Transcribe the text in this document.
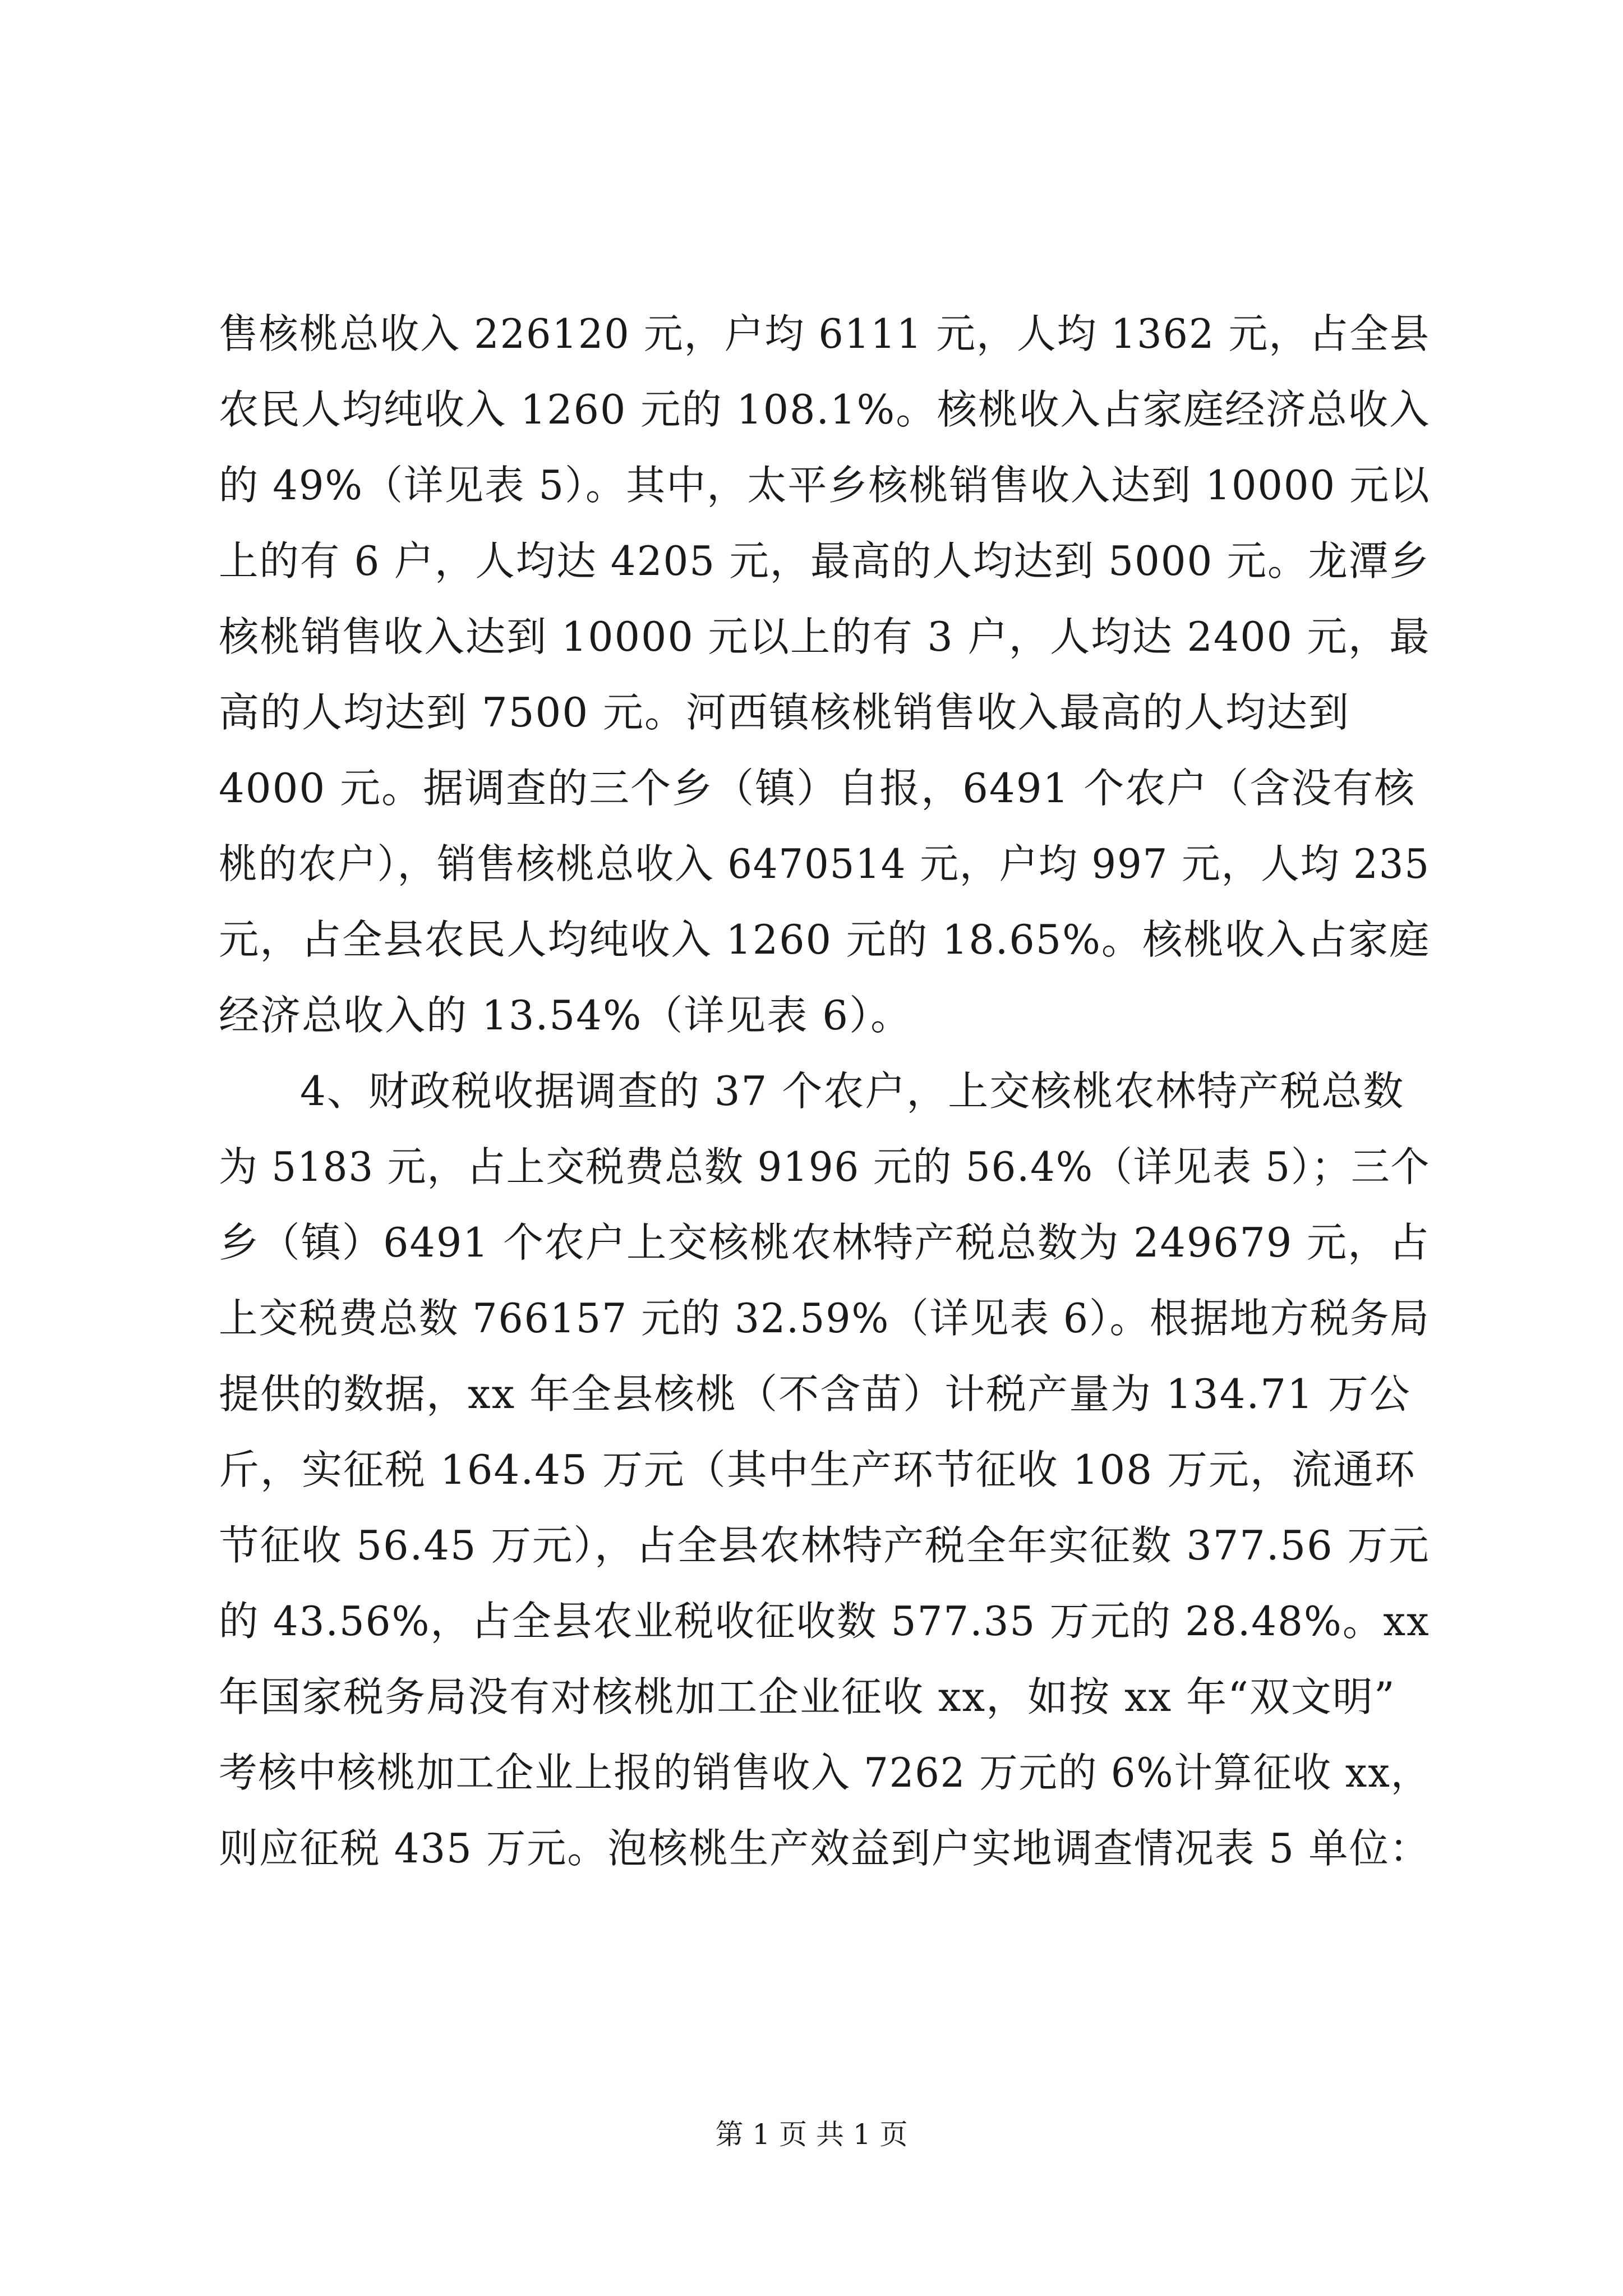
售核桃总收入 226120 元，户均 6111 元，人均 1362 元，占全县
农民人均纯收入 1260 元的 108.1%。核桃收入占家庭经济总收入
的 49%（详见表 5）。其中，太平乡核桃销售收入达到 10000 元以
上的有 6 户，人均达 4205 元，最高的人均达到 5000 元。龙潭乡
核桃销售收入达到 10000 元以上的有 3 户，人均达 2400 元，最
高的人均达到 7500 元。河西镇核桃销售收入最高的人均达到
4000 元。据调查的三个乡（镇）自报，6491 个农户（含没有核
桃的农户），销售核桃总收入 6470514 元，户均 997 元，人均 235
元，占全县农民人均纯收入 1260 元的 18.65%。核桃收入占家庭
经济总收入的 13.54%（详见表 6）。
4、财政税收据调查的 37 个农户，上交核桃农林特产税总数
为 5183 元，占上交税费总数 9196 元的 56.4%（详见表 5）；三个
乡（镇）6491 个农户上交核桃农林特产税总数为 249679 元，占
上交税费总数 766157 元的 32.59%（详见表 6）。根据地方税务局
提供的数据，xx 年全县核桃（不含苗）计税产量为 134.71 万公
斤，实征税 164.45 万元（其中生产环节征收 108 万元，流通环
节征收 56.45 万元），占全县农林特产税全年实征数 377.56 万元
的 43.56%，占全县农业税收征收数 577.35 万元的 28.48%。xx
年国家税务局没有对核桃加工企业征收 xx，如按 xx 年“双文明”
考核中核桃加工企业上报的销售收入 7262 万元的 6%计算征收 xx，
则应征税 435 万元。泡核桃生产效益到户实地调查情况表 5 单位：
第 1 页 共 1 页
